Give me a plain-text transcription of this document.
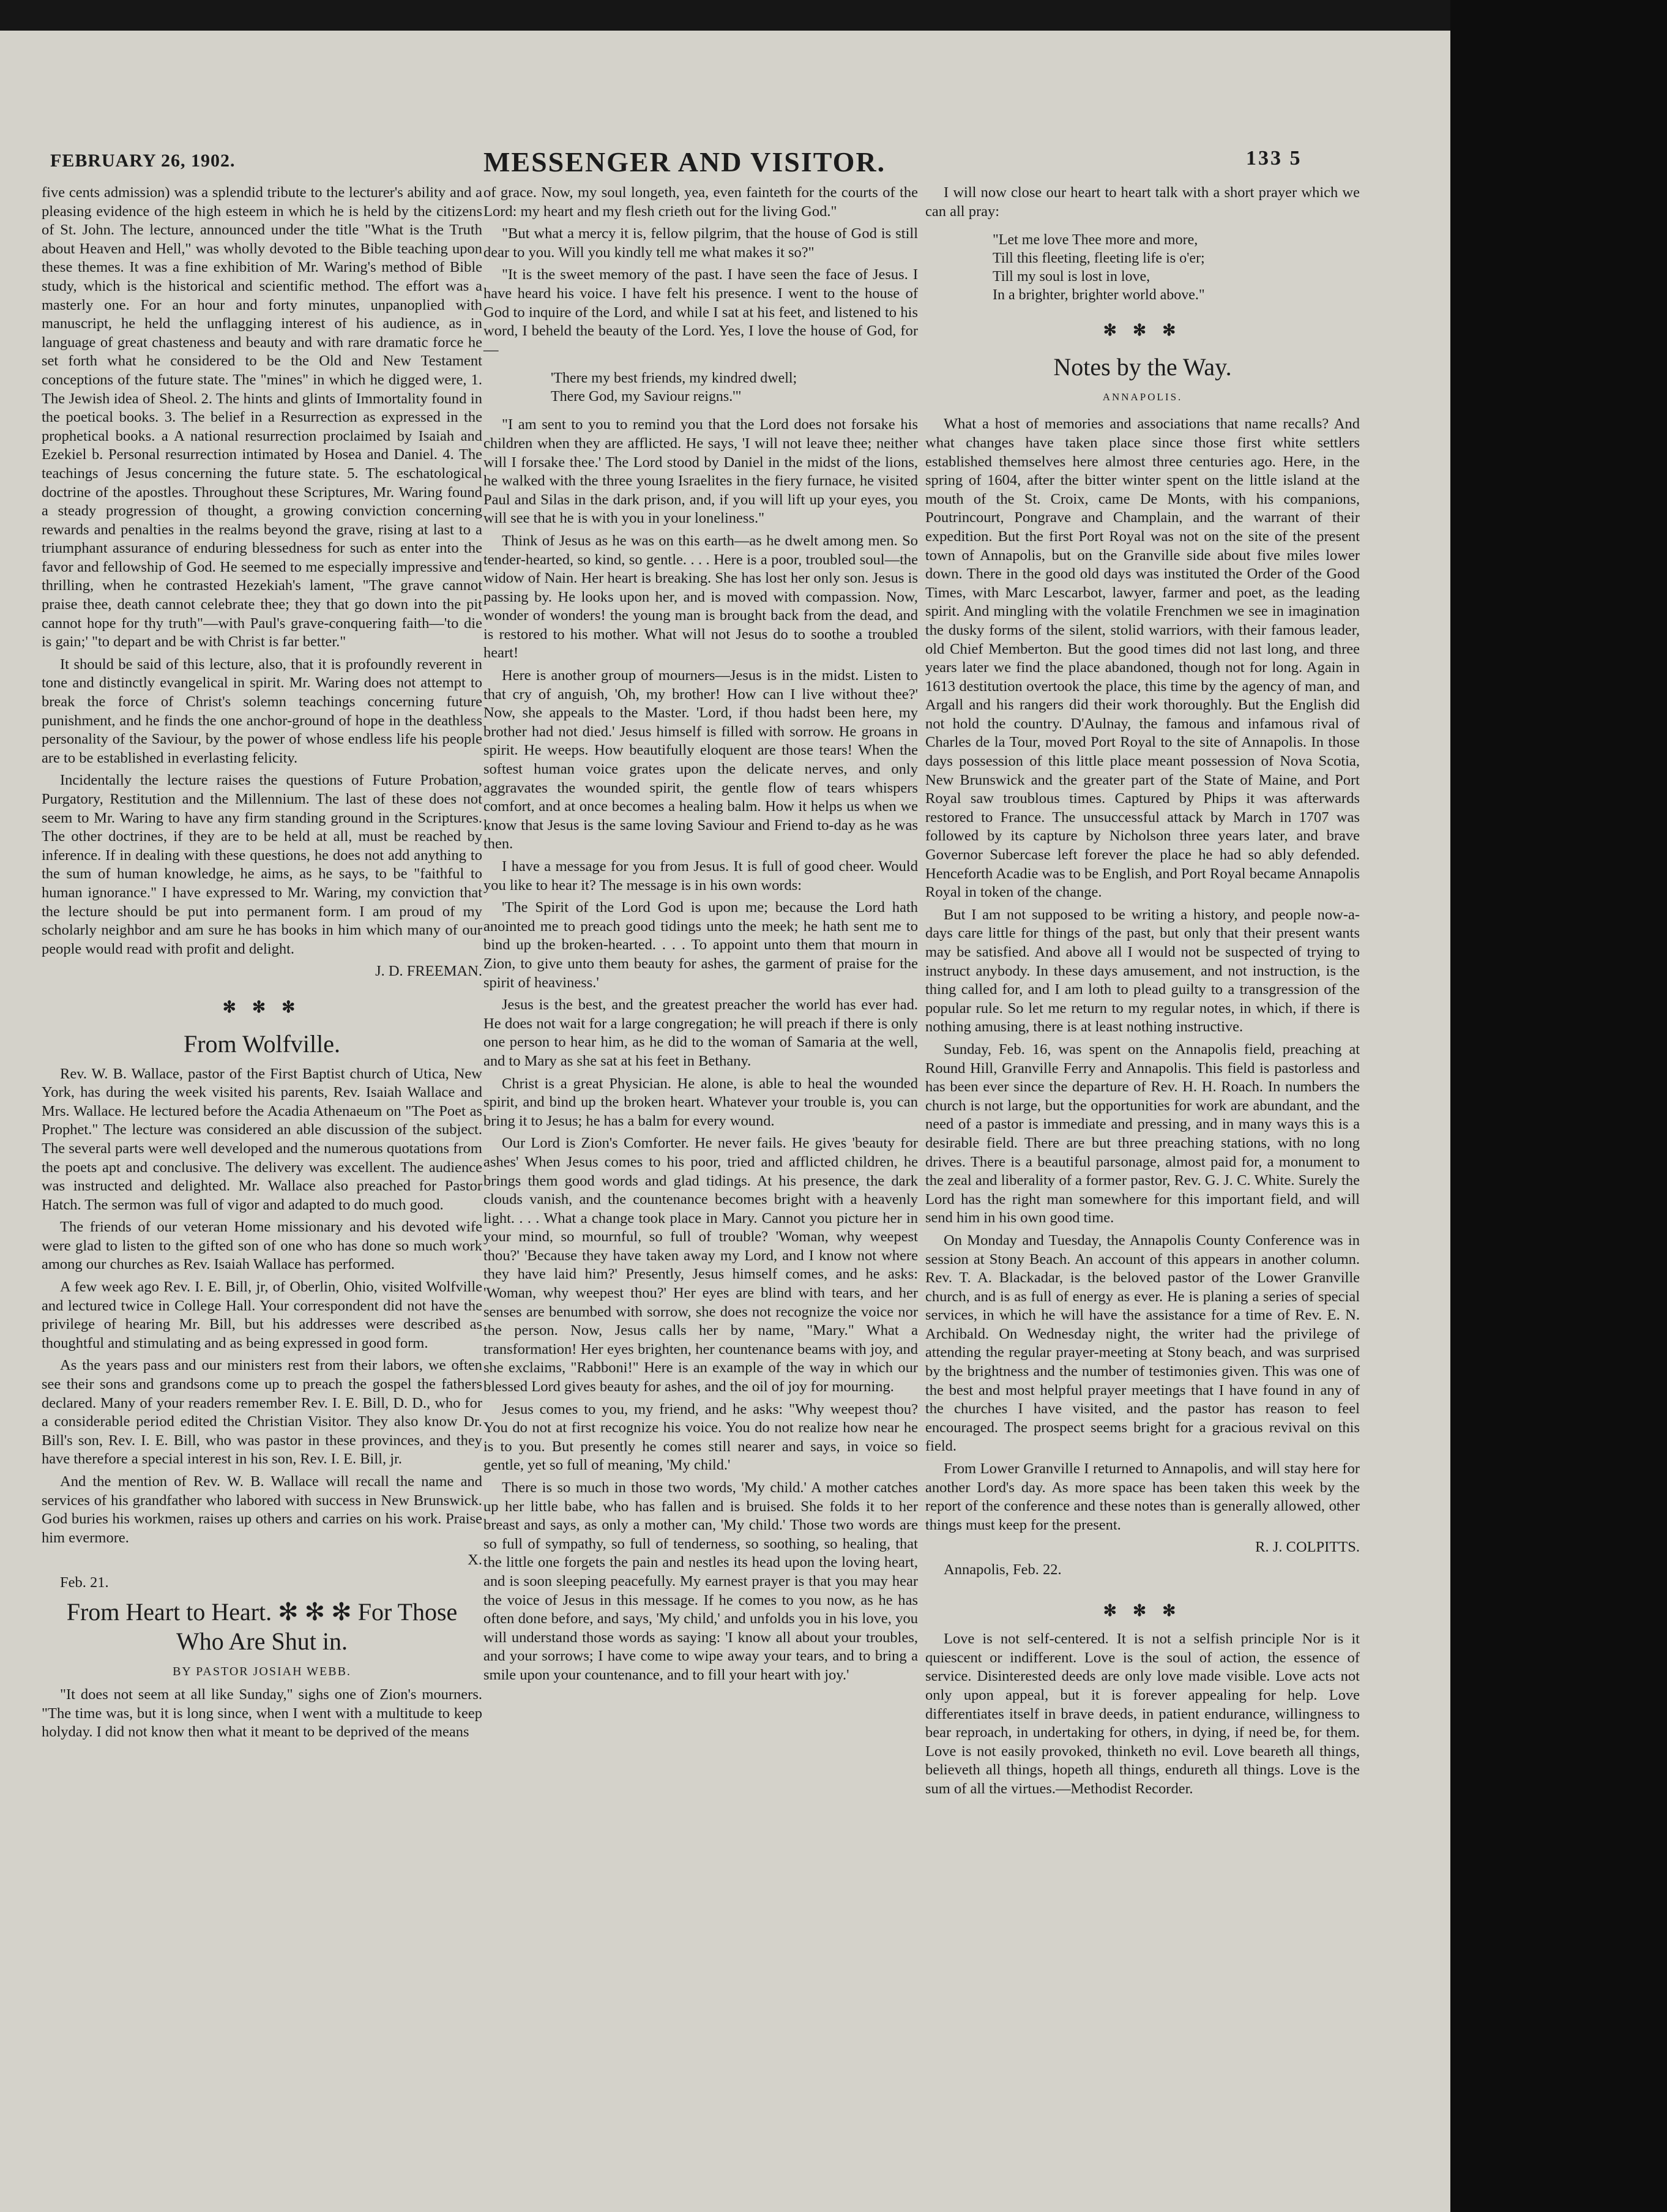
FEBRUARY 26, 1902.	MESSENGER AND VISITOR.	133 5

five cents admission) was a splendid tribute to the lecturer's ability and a pleasing evidence of the high esteem in which he is held by the citizens of St. John. The lecture, announced under the title "What is the Truth about Heaven and Hell," was wholly devoted to the Bible teaching upon these themes. It was a fine exhibition of Mr. Waring's method of Bible study, which is the historical and scientific method. The effort was a masterly one. For an hour and forty minutes, unpanoplied with manuscript, he held the unflagging interest of his audience, as in language of great chasteness and beauty and with rare dramatic force he set forth what he considered to be the Old and New Testament conceptions of the future state. The "mines" in which he digged were, 1. The Jewish idea of Sheol. 2. The hints and glints of Immortality found in the poetical books. 3. The belief in a Resurrection as expressed in the prophetical books. a A national resurrection proclaimed by Isaiah and Ezekiel b. Personal resurrection intimated by Hosea and Daniel. 4. The teachings of Jesus concerning the future state. 5. The eschatological doctrine of the apostles. Throughout these Scriptures, Mr. Waring found a steady progression of thought, a growing conviction concerning rewards and penalties in the realms beyond the grave, rising at last to a triumphant assurance of enduring blessedness for such as enter into the favor and fellowship of God. He seemed to me especially impressive and thrilling, when he contrasted Hezekiah's lament, "The grave cannot praise thee, death cannot celebrate thee; they that go down into the pit cannot hope for thy truth"—with Paul's grave-conquering faith—'to die is gain;' "to depart and be with Christ is far better."

It should be said of this lecture, also, that it is profoundly reverent in tone and distinctly evangelical in spirit. Mr. Waring does not attempt to break the force of Christ's solemn teachings concerning future punishment, and he finds the one anchor-ground of hope in the deathless personality of the Saviour, by the power of whose endless life his people are to be established in everlasting felicity.

Incidentally the lecture raises the questions of Future Probation, Purgatory, Restitution and the Millennium. The last of these does not seem to Mr. Waring to have any firm standing ground in the Scriptures. The other doctrines, if they are to be held at all, must be reached by inference. If in dealing with these questions, he does not add anything to the sum of human knowledge, he aims, as he says, to be "faithful to human ignorance." I have expressed to Mr. Waring, my conviction that the lecture should be put into permanent form. I am proud of my scholarly neighbor and am sure he has books in him which many of our people would read with profit and delight.

J. D. FREEMAN.

✻ ✻ ✻
From Wolfville.

Rev. W. B. Wallace, pastor of the First Baptist church of Utica, New York, has during the week visited his parents, Rev. Isaiah Wallace and Mrs. Wallace. He lectured before the Acadia Athenaeum on "The Poet as Prophet." The lecture was considered an able discussion of the subject. The several parts were well developed and the numerous quotations from the poets apt and conclusive. The delivery was excellent. The audience was instructed and delighted. Mr. Wallace also preached for Pastor Hatch. The sermon was full of vigor and adapted to do much good.

The friends of our veteran Home missionary and his devoted wife were glad to listen to the gifted son of one who has done so much work among our churches as Rev. Isaiah Wallace has performed.

A few week ago Rev. I. E. Bill, jr, of Oberlin, Ohio, visited Wolfville and lectured twice in College Hall. Your correspondent did not have the privilege of hearing Mr. Bill, but his addresses were described as thoughtful and stimulating and as being expressed in good form.

As the years pass and our ministers rest from their labors, we often see their sons and grandsons come up to preach the gospel the fathers declared. Many of your readers remember Rev. I. E. Bill, D. D., who for a considerable period edited the Christian Visitor. They also know Dr. Bill's son, Rev. I. E. Bill, who was pastor in these provinces, and they have therefore a special interest in his son, Rev. I. E. Bill, jr.

And the mention of Rev. W. B. Wallace will recall the name and services of his grandfather who labored with success in New Brunswick. God buries his workmen, raises up others and carries on his work. Praise him evermore.

X.

Feb. 21.

From Heart to Heart. ✻ ✻ ✻ For Those Who Are Shut in.
BY PASTOR JOSIAH WEBB.

"It does not seem at all like Sunday," sighs one of Zion's mourners. "The time was, but it is long since, when I went with a multitude to keep holyday. I did not know then what it meant to be deprived of the means

of grace. Now, my soul longeth, yea, even fainteth for the courts of the Lord: my heart and my flesh crieth out for the living God."

"But what a mercy it is, fellow pilgrim, that the house of God is still dear to you. Will you kindly tell me what makes it so?"

"It is the sweet memory of the past. I have seen the face of Jesus. I have heard his voice. I have felt his presence. I went to the house of God to inquire of the Lord, and while I sat at his feet, and listened to his word, I beheld the beauty of the Lord. Yes, I love the house of God, for—

'There my best friends, my kindred dwell;
There God, my Saviour reigns.'"

"I am sent to you to remind you that the Lord does not forsake his children when they are afflicted. He says, 'I will not leave thee; neither will I forsake thee.' The Lord stood by Daniel in the midst of the lions, he walked with the three young Israelites in the fiery furnace, he visited Paul and Silas in the dark prison, and, if you will lift up your eyes, you will see that he is with you in your loneliness."

Think of Jesus as he was on this earth—as he dwelt among men. So tender-hearted, so kind, so gentle. . . . Here is a poor, troubled soul—the widow of Nain. Her heart is breaking. She has lost her only son. Jesus is passing by. He looks upon her, and is moved with compassion. Now, wonder of wonders! the young man is brought back from the dead, and is restored to his mother. What will not Jesus do to soothe a troubled heart!

Here is another group of mourners—Jesus is in the midst. Listen to that cry of anguish, 'Oh, my brother! How can I live without thee?' Now, she appeals to the Master. 'Lord, if thou hadst been here, my brother had not died.' Jesus himself is filled with sorrow. He groans in spirit. He weeps. How beautifully eloquent are those tears! When the softest human voice grates upon the delicate nerves, and only aggravates the wounded spirit, the gentle flow of tears whispers comfort, and at once becomes a healing balm. How it helps us when we know that Jesus is the same loving Saviour and Friend to-day as he was then.

I have a message for you from Jesus. It is full of good cheer. Would you like to hear it? The message is in his own words:

'The Spirit of the Lord God is upon me; because the Lord hath anointed me to preach good tidings unto the meek; he hath sent me to bind up the broken-hearted. . . . To appoint unto them that mourn in Zion, to give unto them beauty for ashes, the garment of praise for the spirit of heaviness.'

Jesus is the best, and the greatest preacher the world has ever had. He does not wait for a large congregation; he will preach if there is only one person to hear him, as he did to the woman of Samaria at the well, and to Mary as she sat at his feet in Bethany.

Christ is a great Physician. He alone, is able to heal the wounded spirit, and bind up the broken heart. Whatever your trouble is, you can bring it to Jesus; he has a balm for every wound.

Our Lord is Zion's Comforter. He never fails. He gives 'beauty for ashes' When Jesus comes to his poor, tried and afflicted children, he brings them good words and glad tidings. At his presence, the dark clouds vanish, and the countenance becomes bright with a heavenly light. . . . What a change took place in Mary. Cannot you picture her in your mind, so mournful, so full of trouble? 'Woman, why weepest thou?' 'Because they have taken away my Lord, and I know not where they have laid him?' Presently, Jesus himself comes, and he asks: 'Woman, why weepest thou?' Her eyes are blind with tears, and her senses are benumbed with sorrow, she does not recognize the voice nor the person. Now, Jesus calls her by name, "Mary." What a transformation! Her eyes brighten, her countenance beams with joy, and she exclaims, "Rabboni!" Here is an example of the way in which our blessed Lord gives beauty for ashes, and the oil of joy for mourning.

Jesus comes to you, my friend, and he asks: "Why weepest thou? You do not at first recognize his voice. You do not realize how near he is to you. But presently he comes still nearer and says, in voice so gentle, yet so full of meaning, 'My child.'

There is so much in those two words, 'My child.' A mother catches up her little babe, who has fallen and is bruised. She folds it to her breast and says, as only a mother can, 'My child.' Those two words are so full of sympathy, so full of tenderness, so soothing, so healing, that the little one forgets the pain and nestles its head upon the loving heart, and is soon sleeping peacefully. My earnest prayer is that you may hear the voice of Jesus in this message. If he comes to you now, as he has often done before, and says, 'My child,' and unfolds you in his love, you will understand those words as saying: 'I know all about your troubles, and your sorrows; I have come to wipe away your tears, and to bring a smile upon your countenance, and to fill your heart with joy.'

I will now close our heart to heart talk with a short prayer which we can all pray:

"Let me love Thee more and more,
Till this fleeting, fleeting life is o'er;
Till my soul is lost in love,
In a brighter, brighter world above."
✻ ✻ ✻
Notes by the Way.
ANNAPOLIS.

What a host of memories and associations that name recalls? And what changes have taken place since those first white settlers established themselves here almost three centuries ago. Here, in the spring of 1604, after the bitter winter spent on the little island at the mouth of the St. Croix, came De Monts, with his companions, Poutrincourt, Pongrave and Champlain, and the warrant of their expedition. But the first Port Royal was not on the site of the present town of Annapolis, but on the Granville side about five miles lower down. There in the good old days was instituted the Order of the Good Times, with Marc Lescarbot, lawyer, farmer and poet, as the leading spirit. And mingling with the volatile Frenchmen we see in imagination the dusky forms of the silent, stolid warriors, with their famous leader, old Chief Memberton. But the good times did not last long, and three years later we find the place abandoned, though not for long. Again in 1613 destitution overtook the place, this time by the agency of man, and Argall and his rangers did their work thoroughly. But the English did not hold the country. D'Aulnay, the famous and infamous rival of Charles de la Tour, moved Port Royal to the site of Annapolis. In those days possession of this little place meant possession of Nova Scotia, New Brunswick and the greater part of the State of Maine, and Port Royal saw troublous times. Captured by Phips it was afterwards restored to France. The unsuccessful attack by March in 1707 was followed by its capture by Nicholson three years later, and brave Governor Subercase left forever the place he had so ably defended. Henceforth Acadie was to be English, and Port Royal became Annapolis Royal in token of the change.

But I am not supposed to be writing a history, and people now-a-days care little for things of the past, but only that their present wants may be satisfied. And above all I would not be suspected of trying to instruct anybody. In these days amusement, and not instruction, is the thing called for, and I am loth to plead guilty to a transgression of the popular rule. So let me return to my regular notes, in which, if there is nothing amusing, there is at least nothing instructive.

Sunday, Feb. 16, was spent on the Annapolis field, preaching at Round Hill, Granville Ferry and Annapolis. This field is pastorless and has been ever since the departure of Rev. H. H. Roach. In numbers the church is not large, but the opportunities for work are abundant, and the need of a pastor is immediate and pressing, and in many ways this is a desirable field. There are but three preaching stations, with no long drives. There is a beautiful parsonage, almost paid for, a monument to the zeal and liberality of a former pastor, Rev. G. J. C. White. Surely the Lord has the right man somewhere for this important field, and will send him in his own good time.

On Monday and Tuesday, the Annapolis County Conference was in session at Stony Beach. An account of this appears in another column. Rev. T. A. Blackadar, is the beloved pastor of the Lower Granville church, and is as full of energy as ever. He is planing a series of special services, in which he will have the assistance for a time of Rev. E. N. Archibald. On Wednesday night, the writer had the privilege of attending the regular prayer-meeting at Stony beach, and was surprised by the brightness and the number of testimonies given. This was one of the best and most helpful prayer meetings that I have found in any of the churches I have visited, and the pastor has reason to feel encouraged. The prospect seems bright for a gracious revival on this field.

From Lower Granville I returned to Annapolis, and will stay here for another Lord's day. As more space has been taken this week by the report of the conference and these notes than is generally allowed, other things must keep for the present.

R. J. COLPITTS.

Annapolis, Feb. 22.

✻ ✻ ✻

Love is not self-centered. It is not a selfish principle Nor is it quiescent or indifferent. Love is the soul of action, the essence of service. Disinterested deeds are only love made visible. Love acts not only upon appeal, but it is forever appealing for help. Love differentiates itself in brave deeds, in patient endurance, willingness to bear reproach, in undertaking for others, in dying, if need be, for them. Love is not easily provoked, thinketh no evil. Love beareth all things, believeth all things, hopeth all things, endureth all things. Love is the sum of all the virtues.—Methodist Recorder.
